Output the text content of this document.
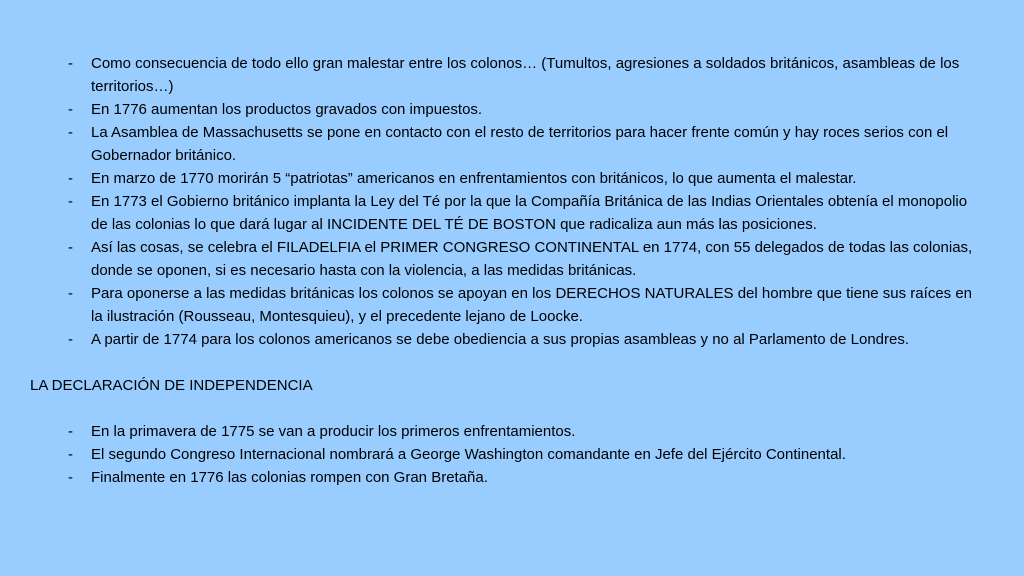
- Como consecuencia de todo ello gran malestar entre los colonos… (Tumultos, agresiones a soldados británicos, asambleas de los territorios…)
- En 1776 aumentan los productos gravados con impuestos.
- La Asamblea de Massachusetts se pone en contacto con el resto de territorios para hacer frente común y hay roces serios con el Gobernador británico.
- En marzo de 1770 morirán 5 “patriotas” americanos en enfrentamientos con británicos, lo que aumenta el malestar.
- En 1773 el Gobierno británico implanta la Ley del Té por la que la Compañía Británica de las Indias Orientales obtenía el monopolio de las colonias lo que dará lugar al INCIDENTE DEL TÉ DE BOSTON que radicaliza aun más las posiciones.
- Así las cosas, se celebra el FILADELFIA el PRIMER CONGRESO CONTINENTAL en 1774, con 55 delegados de todas las colonias, donde se oponen, si es necesario hasta con la violencia, a las medidas británicas.
- Para oponerse a las medidas británicas los colonos se apoyan en los DERECHOS NATURALES del hombre que tiene sus raíces en la ilustración (Rousseau, Montesquieu), y el precedente lejano de Loocke.
- A partir de 1774 para los colonos americanos se debe obediencia a sus propias asambleas y no al Parlamento de Londres.
LA DECLARACIÓN DE INDEPENDENCIA
- En la primavera de 1775 se van a producir los primeros enfrentamientos.
- El segundo Congreso Internacional nombrará a George Washington comandante en Jefe del Ejército Continental.
- Finalmente en 1776 las colonias rompen con Gran Bretaña.
